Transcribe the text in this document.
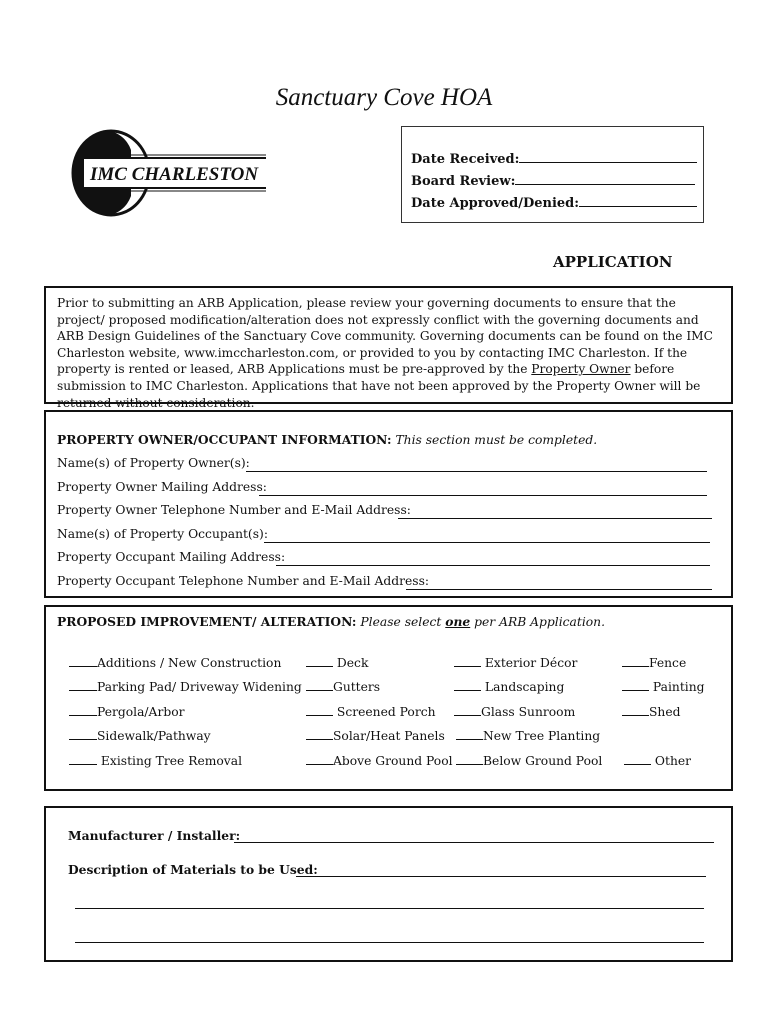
Sanctuary Cove HOA
IMC CHARLESTON
Date Received:
Board Review:
Date Approved/Denied:
APPLICATION
Prior to submitting an ARB Application, please review your governing documents to ensure that the project/ proposed modification/alteration does not expressly conflict with the governing documents and ARB Design Guidelines of the Sanctuary Cove community. Governing documents can be found on the IMC Charleston website, www.imccharleston.com, or provided to you by contacting IMC Charleston. If the property is rented or leased, ARB Applications must be pre-approved by the Property Owner before submission to IMC Charleston. Applications that have not been approved by the Property Owner will be returned without consideration.
PROPERTY OWNER/OCCUPANT INFORMATION: This section must be completed.
Name(s) of Property Owner(s):
Property Owner Mailing Address:
Property Owner Telephone Number and E-Mail Address:
Name(s) of Property Occupant(s):
Property Occupant Mailing Address:
Property Occupant Telephone Number and E-Mail Address:
PROPOSED IMPROVEMENT/ ALTERATION: Please select one per ARB Application.
Additions / New Construction	Deck	Exterior Décor	Fence
Parking Pad/ Driveway Widening	Gutters	Landscaping	Painting
Pergola/Arbor	Screened Porch	Glass Sunroom	Shed
Sidewalk/Pathway	Solar/Heat Panels	New Tree Planting
Existing Tree Removal	Above Ground Pool	Below Ground Pool	Other
Manufacturer / Installer:
Description of Materials to be Used:
